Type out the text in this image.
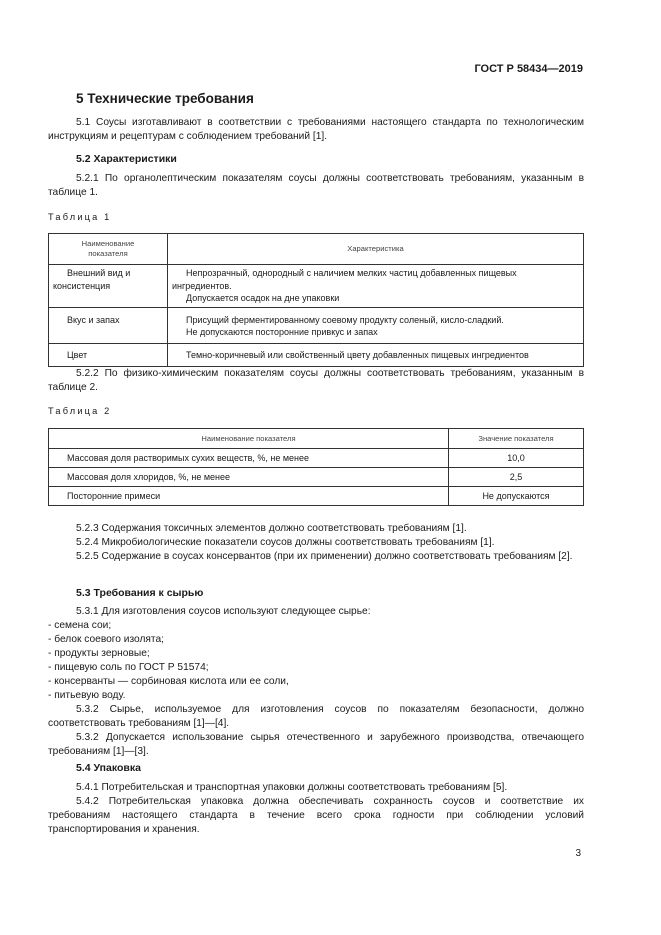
ГОСТ Р 58434—2019
5 Технические требования
5.1 Соусы изготавливают в соответствии с требованиями настоящего стандарта по технологическим инструкциям и рецептурам с соблюдением требований [1].
5.2 Характеристики
5.2.1 По органолептическим показателям соусы должны соответствовать требованиям, указанным в таблице 1.
Таблица 1
Наименование показателя	Характеристика
Внешний вид и консистенция	Непрозрачный, однородный с наличием мелких частиц добавленных пищевых ингредиентов.
Допускается осадок на дне упаковки

Вкус и запах	Присущий ферментированному соевому продукту соленый, кисло-сладкий.
Не допускаются посторонние привкус и запах

Цвет	Темно-коричневый или свойственный цвету добавленных пищевых ингредиентов
5.2.2 По физико-химическим показателям соусы должны соответствовать требованиям, указанным в таблице 2.
Таблица 2
Наименование показателя	Значение показателя
Массовая доля растворимых сухих веществ, %, не менее	10,0
Массовая доля хлоридов, %, не менее	2,5
Посторонние примеси	Не допускаются
5.2.3 Содержания токсичных элементов должно соответствовать требованиям [1].
5.2.4 Микробиологические показатели соусов должны соответствовать требованиям [1].
5.2.5 Содержание в соусах консервантов (при их применении) должно соответствовать требованиям [2].
5.3 Требования к сырью
5.3.1 Для изготовления соусов используют следующее сырье:
- семена сои;
- белок соевого изолята;
- продукты зерновые;
- пищевую соль по ГОСТ Р 51574;
- консерванты — сорбиновая кислота или ее соли,
- питьевую воду.
5.3.2 Сырье, используемое для изготовления соусов по показателям безопасности, должно соответствовать требованиям [1]—[4].
5.3.2 Допускается использование сырья отечественного и зарубежного производства, отвечающего требованиям [1]—[3].
5.4 Упаковка
5.4.1 Потребительская и транспортная упаковки должны соответствовать требованиям [5].
5.4.2 Потребительская упаковка должна обеспечивать сохранность соусов и соответствие их требованиям настоящего стандарта в течение всего срока годности при соблюдении условий транспортирования и хранения.
3
